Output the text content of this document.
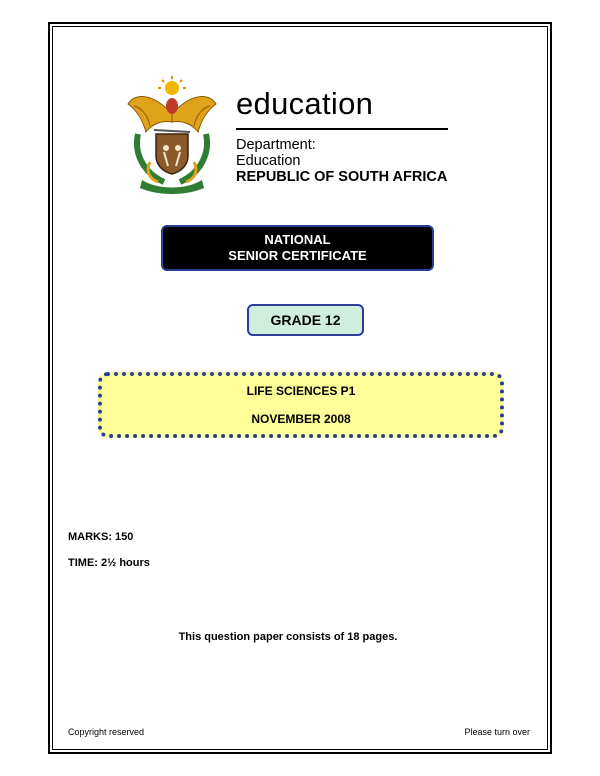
education
Department:
Education
REPUBLIC OF SOUTH AFRICA
NATIONAL
SENIOR CERTIFICATE
GRADE 12
LIFE SCIENCES P1
NOVEMBER 2008
MARKS: 150
TIME: 2½ hours
This question paper consists of 18 pages.
Copyright reserved	Please turn over
